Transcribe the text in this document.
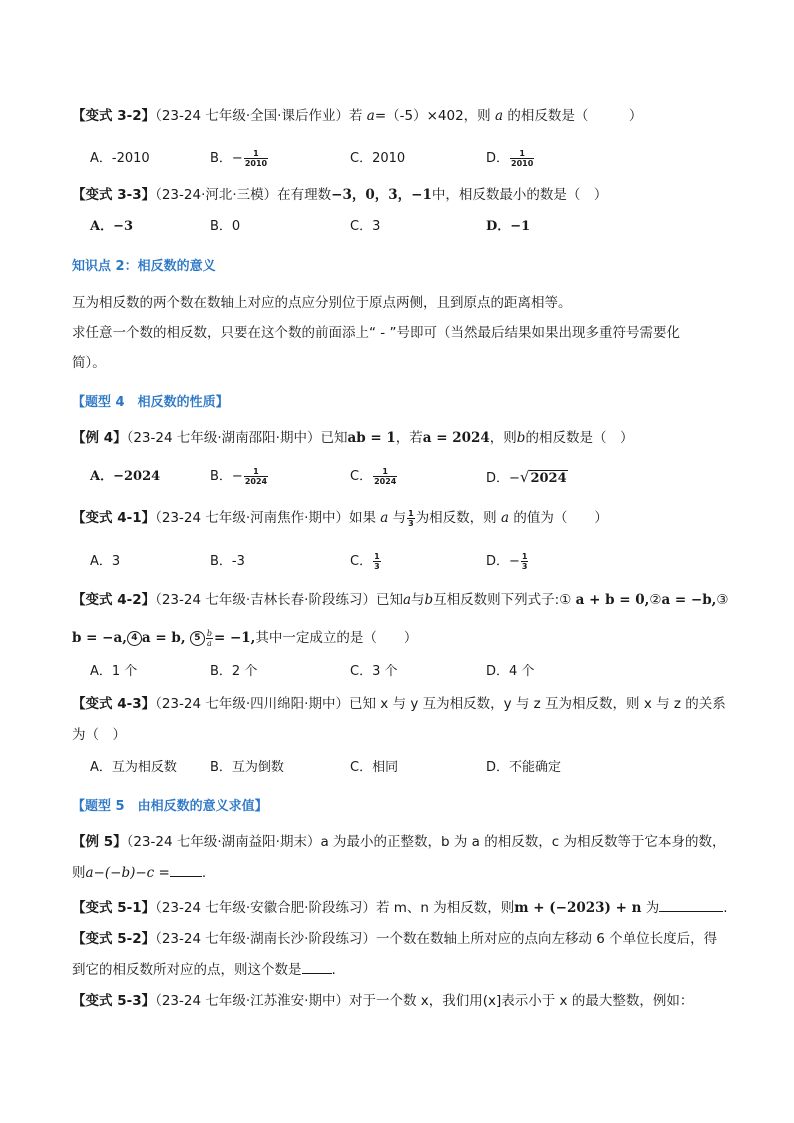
【变式 3-2】（23-24 七年级·全国·课后作业）若 a=（-5）×402，则 a 的相反数是（　　　）
A．-2010	B．− $\frac{1}{2010}$	C．2010	D． $\frac{1}{2010}$
【变式 3-3】（23-24·河北·三模）在有理数−3，0，3，−1中，相反数最小的数是（　）
A．−3	B．0	C．3	D．−1
知识点 2：相反数的意义
互为相反数的两个数在数轴上对应的点应分别位于原点两侧，且到原点的距离相等。
求任意一个数的相反数，只要在这个数的前面添上“ - ”号即可（当然最后结果如果出现多重符号需要化
简）。
【题型 4　相反数的性质】
【例 4】（23-24 七年级·湖南邵阳·期中）已知ab = 1，若a = 2024，则b的相反数是（　）
A．−2024	B．− $\frac{1}{2024}$	C． $\frac{1}{2024}$	D．−√2024
【变式 4-1】（23-24 七年级·河南焦作·期中）如果 a 与 $\frac{1}{3}$ 为相反数，则 a 的值为（　　）
A．3	B．-3	C． $\frac{1}{3}$	D．− $\frac{1}{3}$
【变式 4-2】（23-24 七年级·吉林长春·阶段练习）已知a与b互相反数则下列式子:① a + b = 0,②a = −b,③
b = −a, 4 a = b, $5 \frac{b}{a} = -1$,其中一定成立的是（　　）
A．1 个	B．2 个	C．3 个	D．4 个
【变式 4-3】（23-24 七年级·四川绵阳·期中）已知 x 与 y 互为相反数，y 与 z 互为相反数，则 x 与 z 的关系
为（　）
A．互为相反数	B．互为倒数	C．相同	D．不能确定
【题型 5　由相反数的意义求值】
【例 5】（23-24 七年级·湖南益阳·期末）a 为最小的正整数，b 为 a 的相反数，c 为相反数等于它本身的数，
则a−(−b)−c = .
【变式 5-1】（23-24 七年级·安徽合肥·阶段练习）若 m、n 为相反数，则m + (−2023) + n 为	.
【变式 5-2】（23-24 七年级·湖南长沙·阶段练习）一个数在数轴上所对应的点向左移动 6 个单位长度后，得
到它的相反数所对应的点，则这个数是 .
【变式 5-3】（23-24 七年级·江苏淮安·期中）对于一个数 x，我们用(x]表示小于 x 的最大整数，例如：
